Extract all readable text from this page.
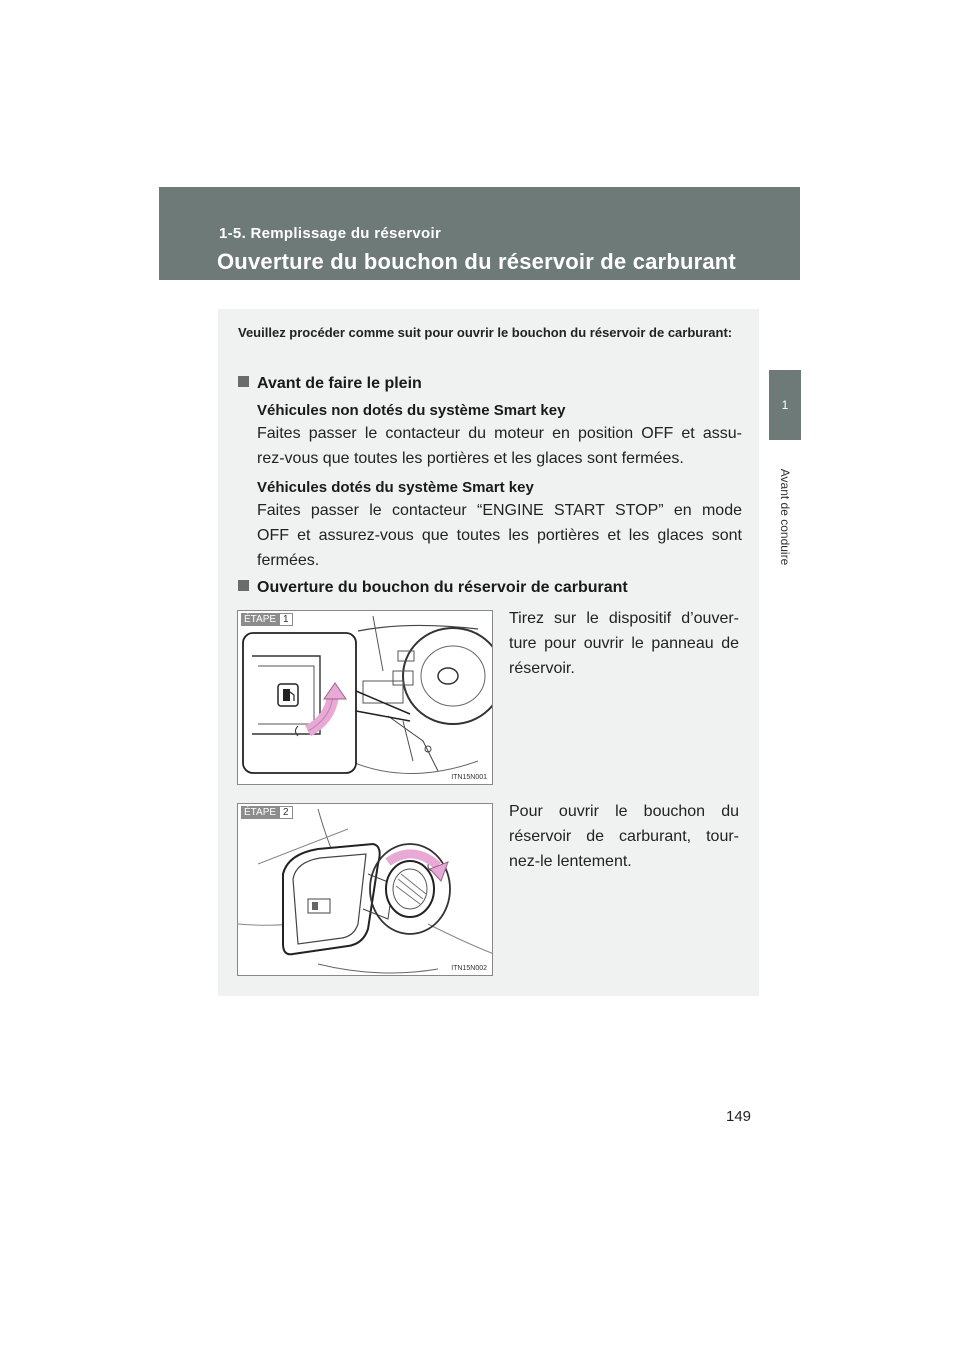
1-5. Remplissage du réservoir
Ouverture du bouchon du réservoir de carburant
1
Avant de conduire
Veuillez procéder comme suit pour ouvrir le bouchon du réservoir de carburant:
Avant de faire le plein
Véhicules non dotés du système Smart key
Faites passer le contacteur du moteur en position OFF et assu-
rez-vous que toutes les portières et les glaces sont fermées.
Véhicules dotés du système Smart key
Faites passer le contacteur “ENGINE START STOP” en mode
OFF et assurez-vous que toutes les portières et les glaces sont
fermées.
Ouverture du bouchon du réservoir de carburant
ÉTAPE 1
ITN15N001
Tirez sur le dispositif d’ouver-
ture pour ouvrir le panneau de
réservoir.
ÉTAPE 2
ITN15N002
Pour ouvrir le bouchon du
réservoir de carburant, tour-
nez-le lentement.
149
